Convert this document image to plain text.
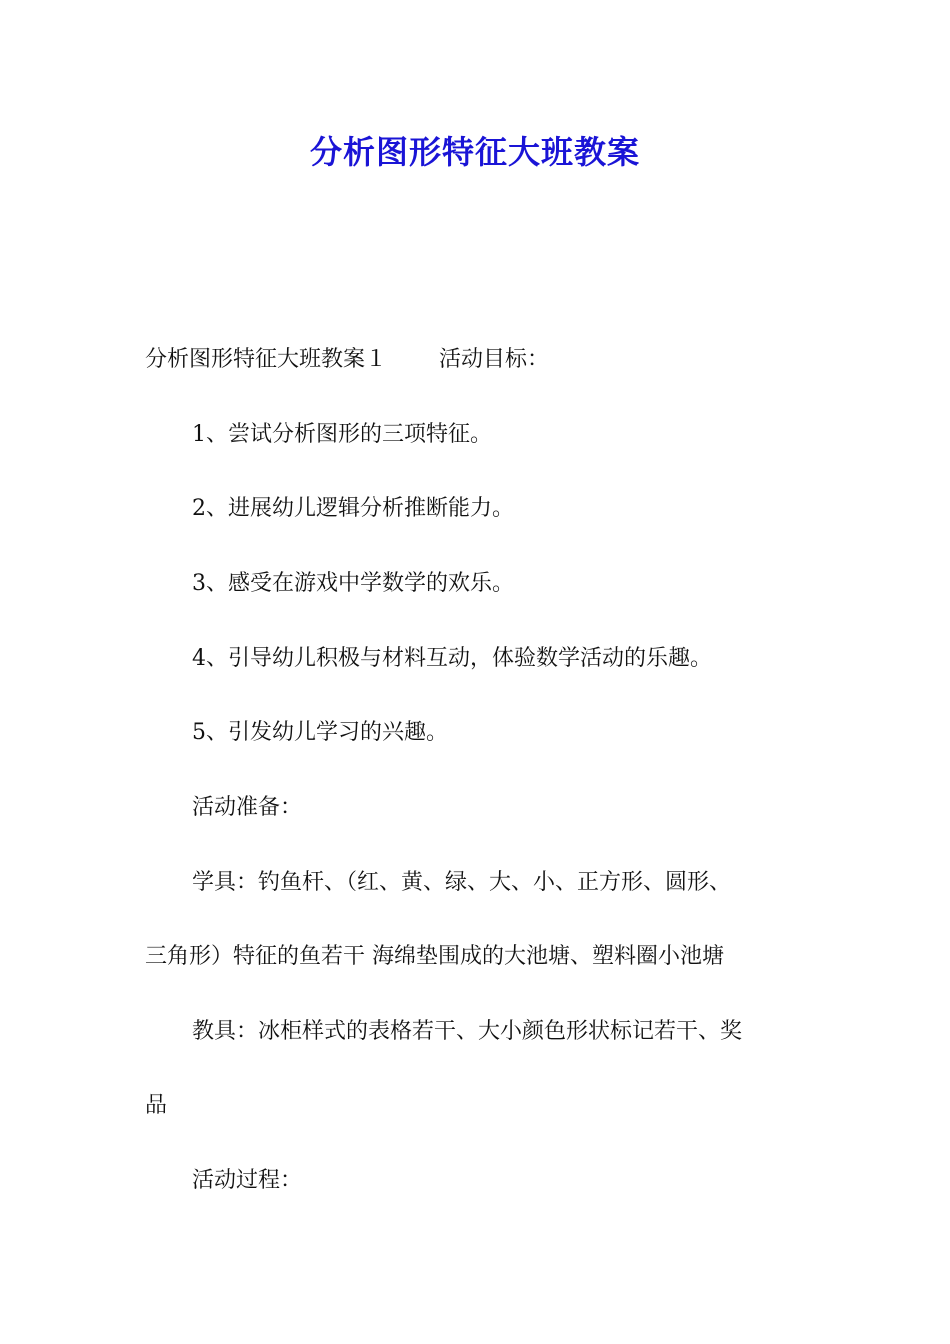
分析图形特征大班教案
分析图形特征大班教案１ 活动目标：
1、尝试分析图形的三项特征。
2、进展幼儿逻辑分析推断能力。
3、感受在游戏中学数学的欢乐。
4、引导幼儿积极与材料互动，体验数学活动的乐趣。
5、引发幼儿学习的兴趣。
活动准备：
学具：钓鱼杆、（红、黄、绿、大、小、正方形、圆形、
三角形）特征的鱼若干 海绵垫围成的大池塘、塑料圈小池塘
教具：冰柜样式的表格若干、大小颜色形状标记若干、奖
品
活动过程：
